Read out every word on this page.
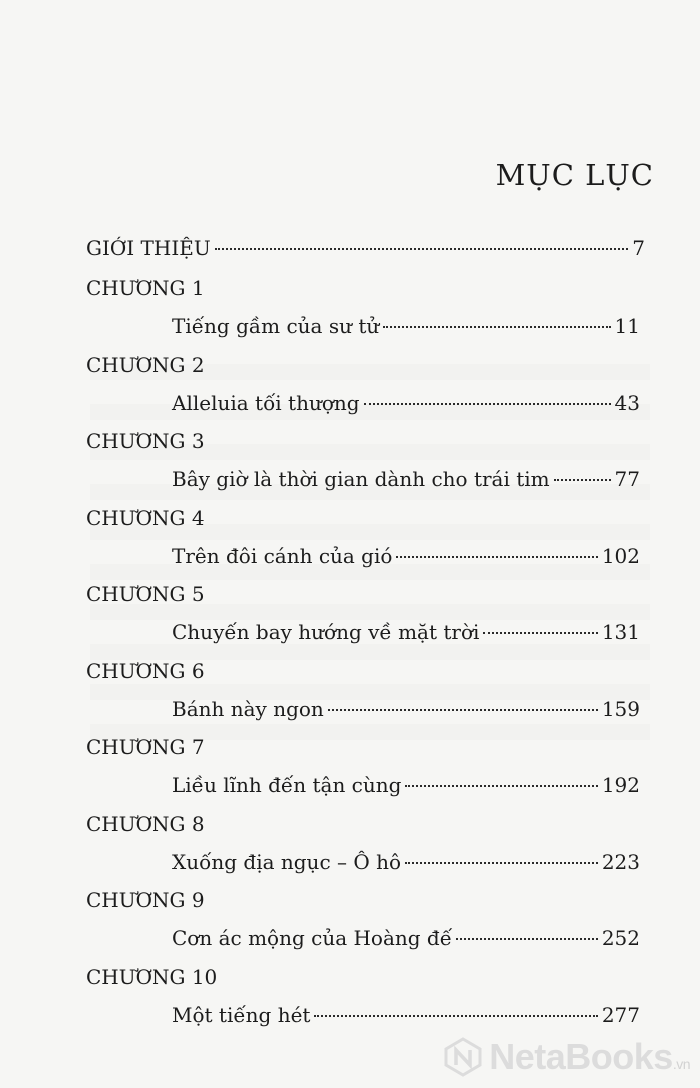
MỤC LỤC
GIỚI THIỆU	7
CHƯƠNG 1
Tiếng gầm của sư tử	11
CHƯƠNG 2
Alleluia tối thượng	43
CHƯƠNG 3
Bây giờ là thời gian dành cho trái tim	77
CHƯƠNG 4
Trên đôi cánh của gió	102
CHƯƠNG 5
Chuyến bay hướng về mặt trời	131
CHƯƠNG 6
Bánh này ngon	159
CHƯƠNG 7
Liều lĩnh đến tận cùng	192
CHƯƠNG 8
Xuống địa ngục – Ô hô	223
CHƯƠNG 9
Cơn ác mộng của Hoàng đế	252
CHƯƠNG 10
Một tiếng hét	277
NetaBooks.vn
